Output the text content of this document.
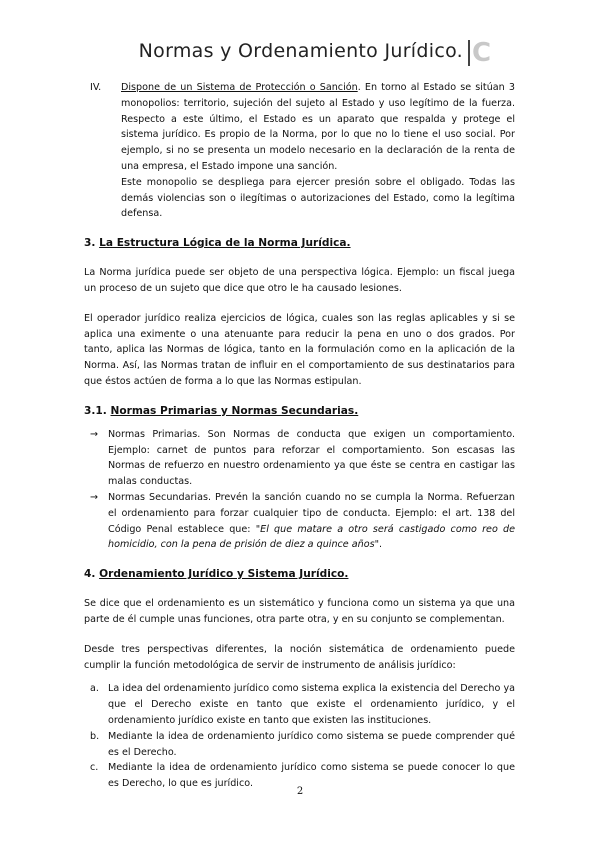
Normas y Ordenamiento Jurídico. C
IV. Dispone de un Sistema de Protección o Sanción. En torno al Estado se sitúan 3 monopolios: territorio, sujeción del sujeto al Estado y uso legítimo de la fuerza. Respecto a este último, el Estado es un aparato que respalda y protege el sistema jurídico. Es propio de la Norma, por lo que no lo tiene el uso social. Por ejemplo, si no se presenta un modelo necesario en la declaración de la renta de una empresa, el Estado impone una sanción.

Este monopolio se despliega para ejercer presión sobre el obligado. Todas las demás violencias son o ilegítimas o autorizaciones del Estado, como la legítima defensa.

3. La Estructura Lógica de la Norma Jurídica.

La Norma jurídica puede ser objeto de una perspectiva lógica. Ejemplo: un fiscal juega un proceso de un sujeto que dice que otro le ha causado lesiones.

El operador jurídico realiza ejercicios de lógica, cuales son las reglas aplicables y si se aplica una eximente o una atenuante para reducir la pena en uno o dos grados. Por tanto, aplica las Normas de lógica, tanto en la formulación como en la aplicación de la Norma. Así, las Normas tratan de influir en el comportamiento de sus destinatarios para que éstos actúen de forma a lo que las Normas estipulan.

3.1. Normas Primarias y Normas Secundarias.
→ Normas Primarias. Son Normas de conducta que exigen un comportamiento. Ejemplo: carnet de puntos para reforzar el comportamiento. Son escasas las Normas de refuerzo en nuestro ordenamiento ya que éste se centra en castigar las malas conductas.

→ Normas Secundarias. Prevén la sanción cuando no se cumpla la Norma. Refuerzan el ordenamiento para forzar cualquier tipo de conducta. Ejemplo: el art. 138 del Código Penal establece que: "El que matare a otro será castigado como reo de homicidio, con la pena de prisión de diez a quince años".

4. Ordenamiento Jurídico y Sistema Jurídico.

Se dice que el ordenamiento es un sistemático y funciona como un sistema ya que una parte de él cumple unas funciones, otra parte otra, y en su conjunto se complementan.

Desde tres perspectivas diferentes, la noción sistemática de ordenamiento puede cumplir la función metodológica de servir de instrumento de análisis jurídico:

a. La idea del ordenamiento jurídico como sistema explica la existencia del Derecho ya que el Derecho existe en tanto que existe el ordenamiento jurídico, y el ordenamiento jurídico existe en tanto que existen las instituciones.

b. Mediante la idea de ordenamiento jurídico como sistema se puede comprender qué es el Derecho.

c. Mediante la idea de ordenamiento jurídico como sistema se puede conocer lo que es Derecho, lo que es jurídico.

2
